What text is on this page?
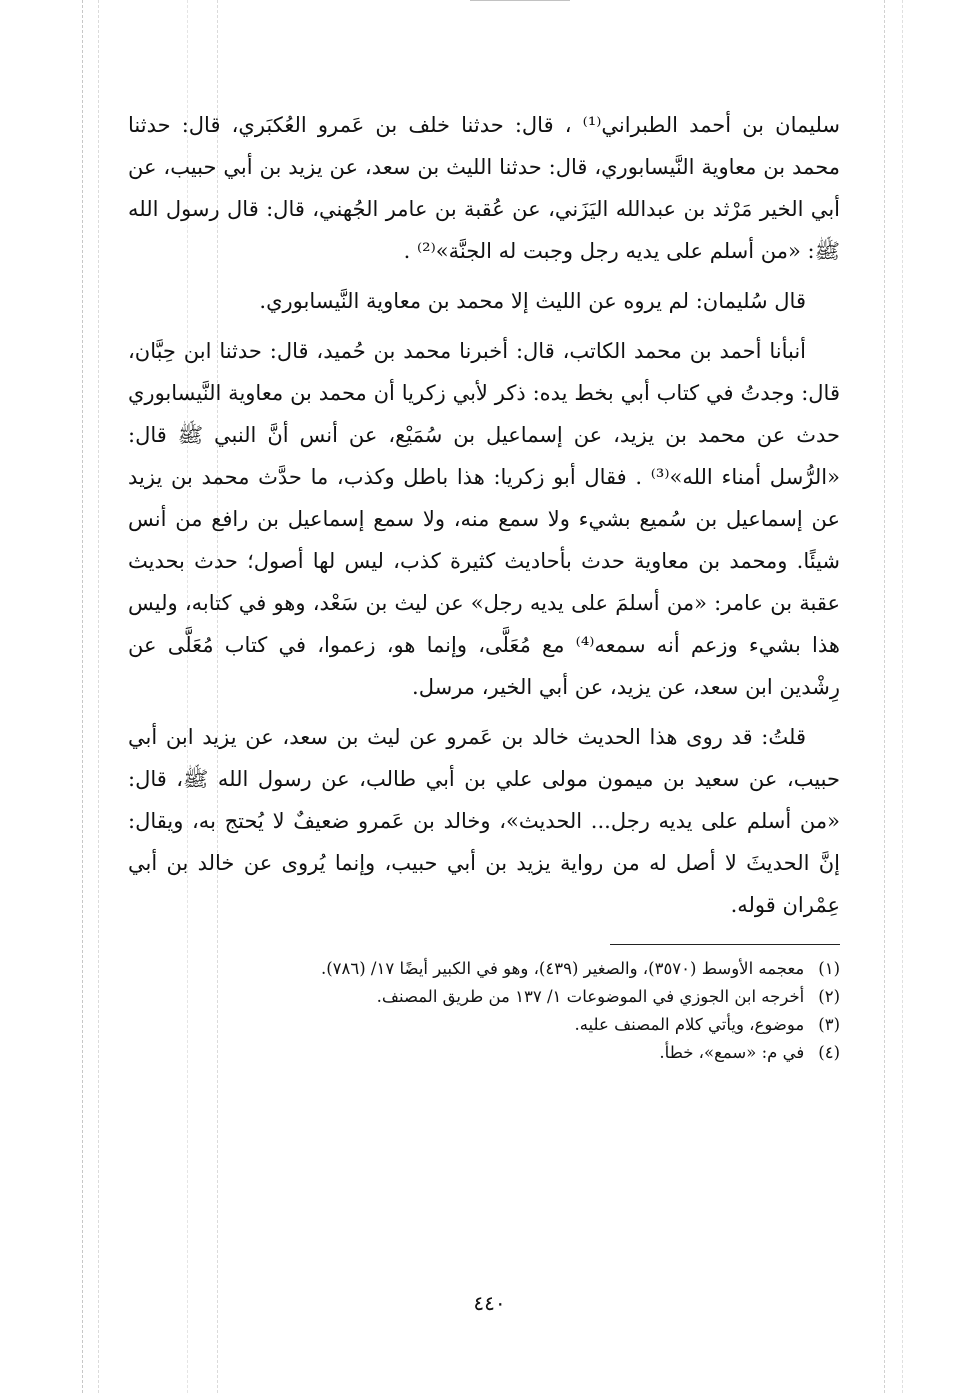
سليمان بن أحمد الطبراني⁽¹⁾ ، قال: حدثنا خلف بن عَمرو العُكبَري، قال: حدثنا محمد بن معاوية النَّيسابوري، قال: حدثنا الليث بن سعد، عن يزيد بن أبي حبيب، عن أبي الخير مَرْثد بن عبدالله اليَزَني، عن عُقبة بن عامر الجُهني، قال: قال رسول الله ﷺ: «من أسلم على يديه رجل وجبت له الجنَّة»⁽²⁾ .

قال سُليمان: لم يروه عن الليث إلا محمد بن معاوية النَّيسابوري.

أنبأنا أحمد بن محمد الكاتب، قال: أخبرنا محمد بن حُميد، قال: حدثنا ابن حِبَّان، قال: وجدتُ في كتاب أبي بخط يده: ذكر لأبي زكريا أن محمد بن معاوية النَّيسابوري حدث عن محمد بن يزيد، عن إسماعيل بن سُمَيْع، عن أنس أنَّ النبي ﷺ قال: «الرُّسل أمناء الله»⁽³⁾ . فقال أبو زكريا: هذا باطل وكذب، ما حدَّث محمد بن يزيد عن إسماعيل بن سُميع بشيء ولا سمع منه، ولا سمع إسماعيل بن رافع من أنس شيئًا. ومحمد بن معاوية حدث بأحاديث كثيرة كذب، ليس لها أصول؛ حدث بحديث عقبة بن عامر: «من أسلمَ على يديه رجل» عن ليث بن سَعْد، وهو في كتابه، وليس هذا بشيء وزعم أنه سمعه⁽⁴⁾ مع مُعَلَّى، وإنما هو، زعموا، في كتاب مُعَلَّى عن رِشْدين ابن سعد، عن يزيد، عن أبي الخير، مرسل.

قلتُ: قد روى هذا الحديث خالد بن عَمرو عن ليث بن سعد، عن يزيد ابن أبي حبيب، عن سعيد بن ميمون مولى علي بن أبي طالب، عن رسول الله ﷺ، قال: «من أسلم على يديه رجل... الحديث»، وخالد بن عَمرو ضعيفٌ لا يُحتج به، ويقال: إنَّ الحديثَ لا أصل له من رواية يزيد بن أبي حبيب، وإنما يُروى عن خالد بن أبي عِمْران قوله.

(١)معجمه الأوسط (٣٥٧٠)، والصغير (٤٣٩)، وهو في الكبير أيضًا ١٧/ (٧٨٦).

(٢)أخرجه ابن الجوزي في الموضوعات ١/ ١٣٧ من طريق المصنف.

(٣)موضوع، ويأتي كلام المصنف عليه.

(٤)في م: «سمع»، خطأ.

٤٤٠
